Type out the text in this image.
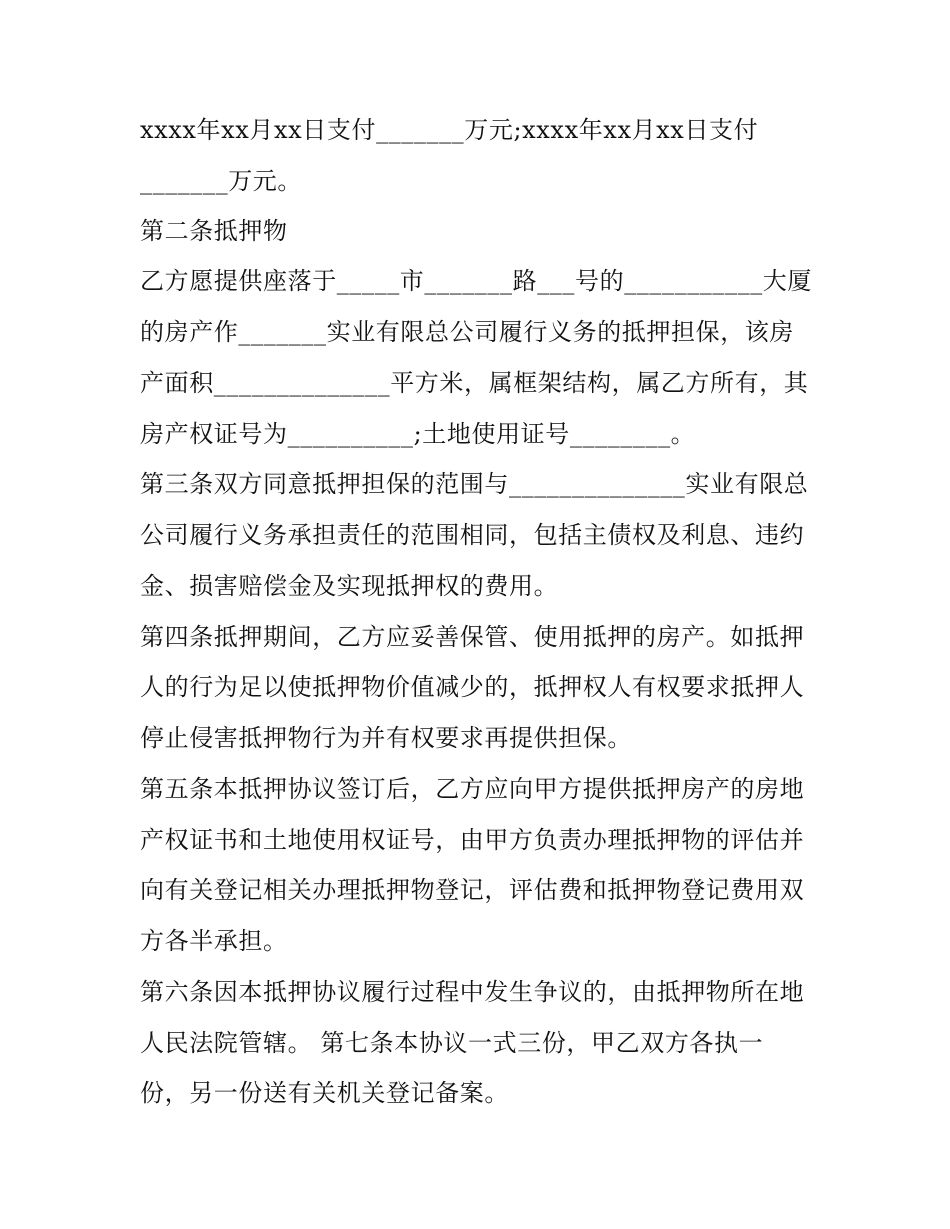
xxxx年xx月xx日支付_______万元;xxxx年xx月xx日支付

_______万元。

第二条抵押物

乙方愿提供座落于_____市_______路___号的___________大厦

的房产作_______实业有限总公司履行义务的抵押担保，该房

产面积______________平方米，属框架结构，属乙方所有，其

房产权证号为__________;土地使用证号________。

第三条双方同意抵押担保的范围与______________实业有限总

公司履行义务承担责任的范围相同，包括主债权及利息、违约

金、损害赔偿金及实现抵押权的费用。

第四条抵押期间，乙方应妥善保管、使用抵押的房产。如抵押

人的行为足以使抵押物价值减少的，抵押权人有权要求抵押人

停止侵害抵押物行为并有权要求再提供担保。

第五条本抵押协议签订后，乙方应向甲方提供抵押房产的房地

产权证书和土地使用权证号，由甲方负责办理抵押物的评估并

向有关登记相关办理抵押物登记，评估费和抵押物登记费用双

方各半承担。

第六条因本抵押协议履行过程中发生争议的，由抵押物所在地

人民法院管辖。 第七条本协议一式三份，甲乙双方各执一

份，另一份送有关机关登记备案。
